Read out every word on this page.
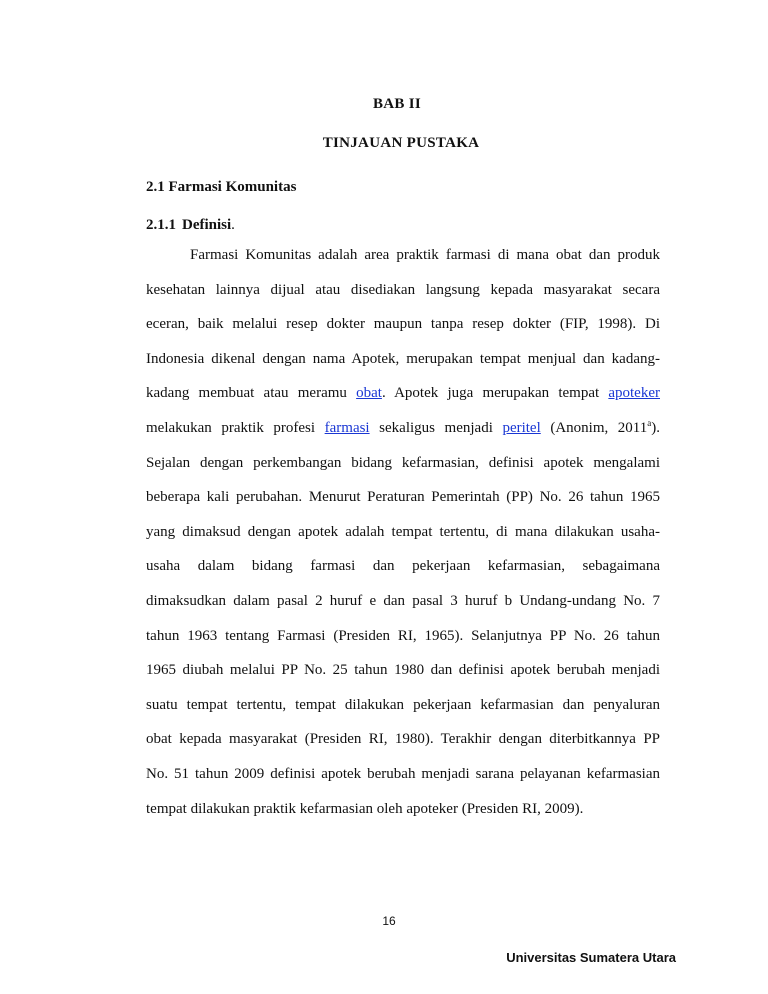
BAB II
TINJAUAN PUSTAKA
2.1 Farmasi Komunitas
2.1.1 Definisi.
Farmasi Komunitas adalah area praktik farmasi di mana obat dan produk
kesehatan lainnya dijual atau disediakan langsung kepada masyarakat secara
eceran, baik melalui resep dokter maupun tanpa resep dokter (FIP, 1998). Di
Indonesia dikenal dengan nama Apotek, merupakan tempat menjual dan kadang-
kadang membuat atau meramu obat. Apotek juga merupakan tempat apoteker
melakukan praktik profesi farmasi sekaligus menjadi peritel (Anonim, 2011$^a$).
Sejalan dengan perkembangan bidang kefarmasian, definisi apotek mengalami
beberapa kali perubahan. Menurut Peraturan Pemerintah (PP) No. 26 tahun 1965
yang dimaksud dengan apotek adalah tempat tertentu, di mana dilakukan usaha-
usaha dalam bidang farmasi dan pekerjaan kefarmasian, sebagaimana
dimaksudkan dalam pasal 2 huruf e dan pasal 3 huruf b Undang-undang No. 7
tahun 1963 tentang Farmasi (Presiden RI, 1965). Selanjutnya PP No. 26 tahun
1965 diubah melalui PP No. 25 tahun 1980 dan definisi apotek berubah menjadi
suatu tempat tertentu, tempat dilakukan pekerjaan kefarmasian dan penyaluran
obat kepada masyarakat (Presiden RI, 1980). Terakhir dengan diterbitkannya PP
No. 51 tahun 2009 definisi apotek berubah menjadi sarana pelayanan kefarmasian
tempat dilakukan praktik kefarmasian oleh apoteker (Presiden RI, 2009).
16
Universitas Sumatera Utara
